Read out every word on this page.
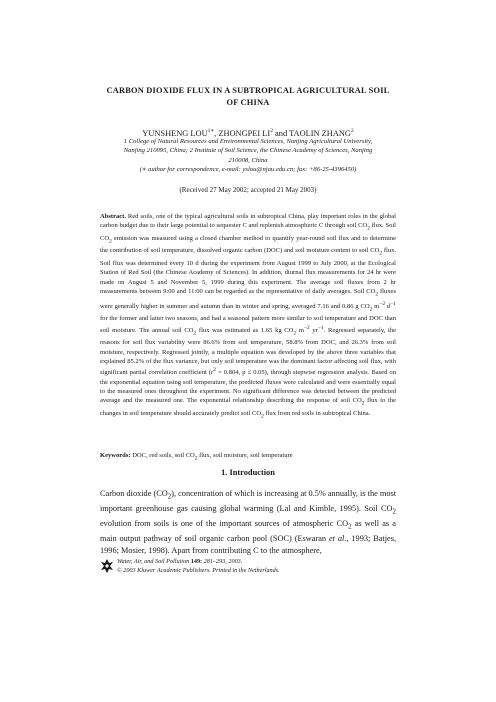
CARBON DIOXIDE FLUX IN A SUBTROPICAL AGRICULTURAL SOIL
OF CHINA
YUNSHENG $LOU^{1∗}$, ZHONGPEI $LI^2$ and TAOLIN ZHANG$^2$
1 College of Natural Resources and Environmental Sciences, Nanjing Agricultural University,
Nanjing 210095, China; 2 Institute of Soil Science, the Chinese Academy of Sciences, Nanjing
210008, China
(∗ author for correspondence, e-mail: yslou@njau.edu.cn; fax: +86-25-4396450)
(Received 27 May 2002; accepted 21 May 2003)
Abstract. Red soils, one of the typical agricultural soils in subtropical China, play important roles in the global carbon budget due to their large potential to sequester C and replenish atmospheric C through soil $CO_2$ flux. Soil $CO_2$ emission was measured using a closed chamber method to quantify year-round soil flux and to determine the contribution of soil temperature, dissolved organic carbon (DOC) and soil moisture content to soil $CO_2$ flux. Soil flux was determined every 10 d during the experiment from August 1999 to July 2000, at the Ecological Station of Red Soil (the Chinese Academy of Sciences). In addition, diurnal flux measurements for 24 hr were made on August 5 and November 5, 1999 during this experiment. The average soil fluxes from 2 hr measurements between 9:00 and 11:00 can be regarded as the representative of daily averages. Soil $CO_2$ fluxes were generally higher in summer and autumn than in winter and spring, averaged 7.16 and 0.86 g $CO_2$ $m^{-2}$ $d^{-1}$ for the former and latter two seasons, and had a seasonal pattern more similar to soil temperature and DOC than soil moisture. The annual soil $CO_2$ flux was estimated as 1.65 kg $CO_2$ $m^{-2}$ $yr^{-1}$. Regressed separately, the reasons for soil flux variability were 86.6% from soil temperature, 58.8% from DOC, and 26.3% from soil moisture, respectively. Regressed jointly, a multiple equation was developed by the above three variables that explained 85.2% of the flux variance, but only soil temperature was the dominant factor affecting soil flux, with significant partial correlation coefficient ($r^2 = 0.804$, p ≤ 0.05), through stepwise regression analysis. Based on the exponential equation using soil temperature, the predicted fluxes were calculated and were essentially equal to the measured ones throughout the experiment. No significant difference was detected between the predicted average and the measured one. The exponential relationship describing the response of soil $CO_2$ flux to the changes in soil temperature should accurately predict soil $CO_2$ flux from red soils in subtropical China.
Keywords: DOC, red soils, soil $CO_2$ flux, soil moisture, soil temperature
1. Introduction
Carbon dioxide $(CO_2)$, concentration of which is increasing at 0.5% annually, is the most important greenhouse gas causing global warming (Lal and Kimble, 1995). Soil $CO_2$ evolution from soils is one of the important sources of atmospheric $CO_2$ as well as a main output pathway of soil organic carbon pool (SOC) (Eswaran et al., 1993; Batjes, 1996; Mosier, 1998). Apart from contributing C to the atmosphere,
Water, Air, and Soil Pollution 149: 281–293, 2003.
© 2003 Kluwer Academic Publishers. Printed in the Netherlands.
